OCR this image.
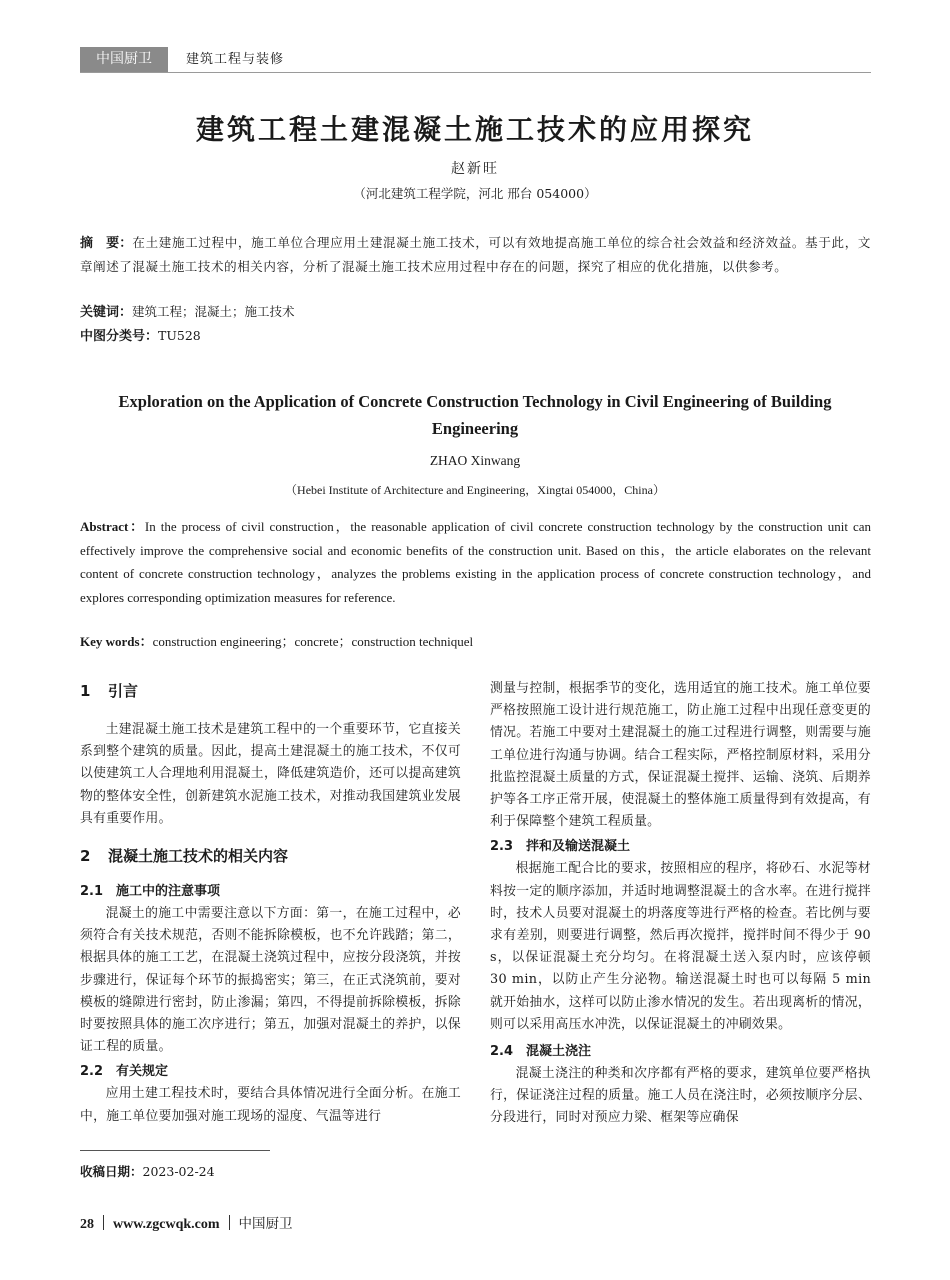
中国厨卫	建筑工程与装修
建筑工程土建混凝土施工技术的应用探究
赵新旺
（河北建筑工程学院，河北 邢台 054000）
摘　要：在土建施工过程中，施工单位合理应用土建混凝土施工技术，可以有效地提高施工单位的综合社会效益和经济效益。基于此，文章阐述了混凝土施工技术的相关内容，分析了混凝土施工技术应用过程中存在的问题，探究了相应的优化措施，以供参考。
关键词：建筑工程；混凝土；施工技术
中图分类号：TU528
Exploration on the Application of Concrete Construction Technology in Civil Engineering of Building Engineering
ZHAO Xinwang
（Hebei Institute of Architecture and Engineering，Xingtai 054000，China）
Abstract：In the process of civil construction，the reasonable application of civil concrete construction technology by the construction unit can effectively improve the comprehensive social and economic benefits of the construction unit. Based on this，the article elaborates on the relevant content of concrete construction technology，analyzes the problems existing in the application process of concrete construction technology，and explores corresponding optimization measures for reference.
Key words：construction engineering；concrete；construction techniquel
1 引言

土建混凝土施工技术是建筑工程中的一个重要环节，它直接关系到整个建筑的质量。因此，提高土建混凝土的施工技术，不仅可以使建筑工人合理地利用混凝土，降低建筑造价，还可以提高建筑物的整体安全性，创新建筑水泥施工技术，对推动我国建筑业发展具有重要作用。

2 混凝土施工技术的相关内容
2.1 施工中的注意事项

混凝土的施工中需要注意以下方面：第一，在施工过程中，必须符合有关技术规范，否则不能拆除模板，也不允许践踏；第二，根据具体的施工工艺，在混凝土浇筑过程中，应按分段浇筑，并按步骤进行，保证每个环节的振捣密实；第三，在正式浇筑前，要对模板的缝隙进行密封，防止渗漏；第四，不得提前拆除模板，拆除时要按照具体的施工次序进行；第五，加强对混凝土的养护，以保证工程的质量。

2.2 有关规定

应用土建工程技术时，要结合具体情况进行全面分析。在施工中，施工单位要加强对施工现场的湿度、气温等进行

测量与控制，根据季节的变化，选用适宜的施工技术。施工单位要严格按照施工设计进行规范施工，防止施工过程中出现任意变更的情况。若施工中要对土建混凝土的施工过程进行调整，则需要与施工单位进行沟通与协调。结合工程实际，严格控制原材料，采用分批监控混凝土质量的方式，保证混凝土搅拌、运输、浇筑、后期养护等各工序正常开展，使混凝土的整体施工质量得到有效提高，有利于保障整个建筑工程质量。

2.3 拌和及输送混凝土

根据施工配合比的要求，按照相应的程序，将砂石、水泥等材料按一定的顺序添加，并适时地调整混凝土的含水率。在进行搅拌时，技术人员要对混凝土的坍落度等进行严格的检查。若比例与要求有差别，则要进行调整，然后再次搅拌，搅拌时间不得少于 90 s，以保证混凝土充分均匀。在将混凝土送入泵内时，应该停顿 30 min，以防止产生分泌物。输送混凝土时也可以每隔 5 min 就开始抽水，这样可以防止渗水情况的发生。若出现离析的情况，则可以采用高压水冲洗，以保证混凝土的冲刷效果。

2.4 混凝土浇注

混凝土浇注的种类和次序都有严格的要求，建筑单位要严格执行，保证浇注过程的质量。施工人员在浇注时，必须按顺序分层、分段进行，同时对预应力梁、框架等应确保

收稿日期：2023-02-24
28 www.zgcwqk.com 中国厨卫
